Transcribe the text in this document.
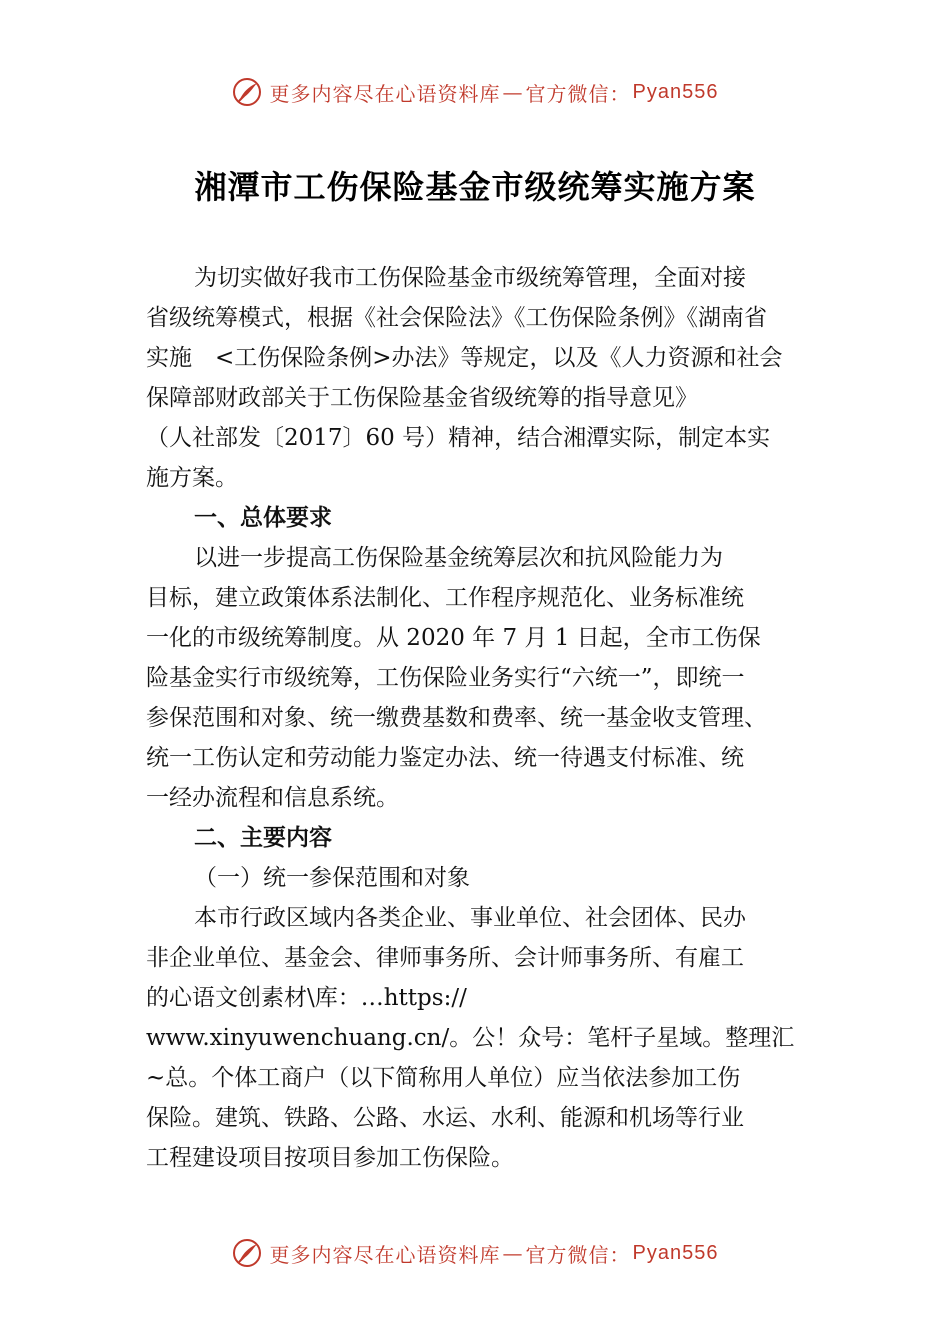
更多内容尽在心语资料库 — 官方微信： Pyan556
湘潭市工伤保险基金市级统筹实施方案

为切实做好我市工伤保险基金市级统筹管理，全面对接

省级统筹模式，根据《社会保险法》《工伤保险条例》《湖南省

实施　<工伤保险条例>办法》等规定，以及《人力资源和社会

保障部财政部关于工伤保险基金省级统筹的指导意见》

（人社部发〔2017〕60 号）精神，结合湘潭实际，制定本实

施方案。

一、总体要求

以进一步提高工伤保险基金统筹层次和抗风险能力为

目标，建立政策体系法制化、工作程序规范化、业务标准统

一化的市级统筹制度。从 2020 年 7 月 1 日起，全市工伤保

险基金实行市级统筹，工伤保险业务实行“六统一”，即统一

参保范围和对象、统一缴费基数和费率、统一基金收支管理、

统一工伤认定和劳动能力鉴定办法、统一待遇支付标准、统

一经办流程和信息系统。

二、主要内容

（一）统一参保范围和对象

本市行政区域内各类企业、事业单位、社会团体、民办

非企业单位、基金会、律师事务所、会计师事务所、有雇工

的心语文创素材\库：…https://

www.xinyuwenchuang.cn/。公！众号：笔杆子星域。整理汇

~总。个体工商户（以下简称用人单位）应当依法参加工伤

保险。建筑、铁路、公路、水运、水利、能源和机场等行业

工程建设项目按项目参加工伤保险。

更多内容尽在心语资料库 — 官方微信： Pyan556
